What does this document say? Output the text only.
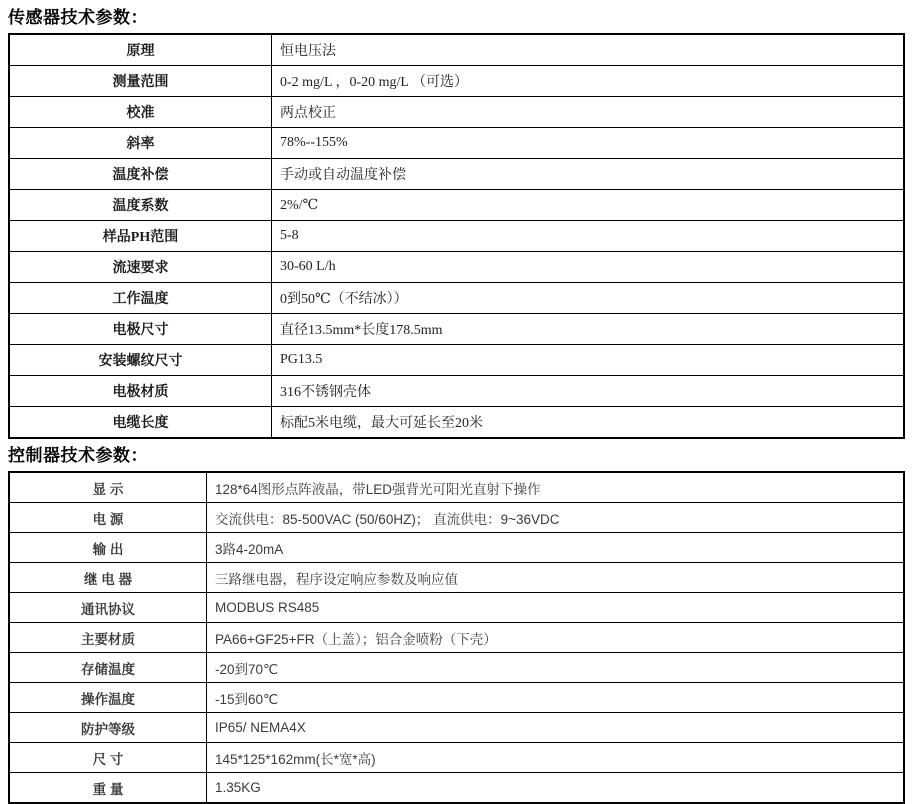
传感器技术参数：
原理	恒电压法
测量范围	0-2 mg/L ，0-20 mg/L （可选）
校准	两点校正
斜率	78%--155%
温度补偿	手动或自动温度补偿
温度系数	2%/℃
样品PH范围	5-8
流速要求	30-60 L/h
工作温度	0到50℃（不结冰））
电极尺寸	直径13.5mm*长度178.5mm
安装螺纹尺寸	PG13.5
电极材质	316不锈钢壳体
电缆长度	标配5米电缆，最大可延长至20米
控制器技术参数：
显 示	128*64图形点阵液晶，带LED强背光可阳光直射下操作
电 源	交流供电：85-500VAC (50/60HZ)； 直流供电：9~36VDC
输 出	3路4-20mA
继 电 器	三路继电器，程序设定响应参数及响应值
通讯协议	MODBUS RS485
主要材质	PA66+GF25+FR（上盖）；铝合金喷粉（下壳）
存储温度	-20到70℃
操作温度	-15到60℃
防护等级	IP65/ NEMA4X
尺 寸	145*125*162mm(长*宽*高)
重 量	1.35KG
